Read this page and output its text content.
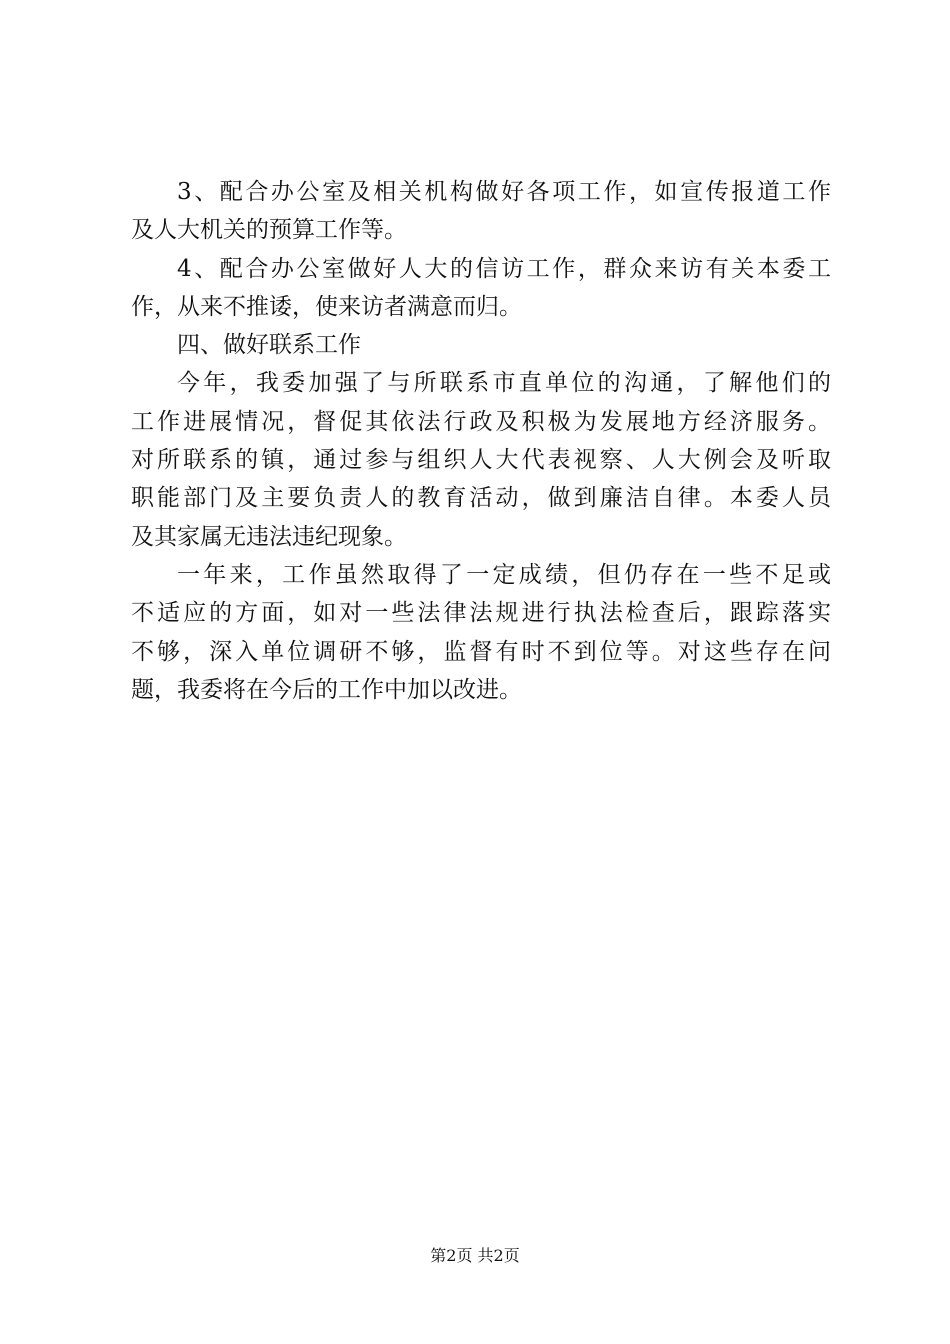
3、配合办公室及相关机构做好各项工作，如宣传报道工作
及人大机关的预算工作等。
4、配合办公室做好人大的信访工作，群众来访有关本委工
作，从来不推诿，使来访者满意而归。
四、做好联系工作
今年，我委加强了与所联系市直单位的沟通，了解他们的
工作进展情况，督促其依法行政及积极为发展地方经济服务。
对所联系的镇，通过参与组织人大代表视察、人大例会及听取
职能部门及主要负责人的教育活动，做到廉洁自律。本委人员
及其家属无违法违纪现象。
一年来，工作虽然取得了一定成绩，但仍存在一些不足或
不适应的方面，如对一些法律法规进行执法检查后，跟踪落实
不够，深入单位调研不够，监督有时不到位等。对这些存在问
题，我委将在今后的工作中加以改进。
第2页 共2页
